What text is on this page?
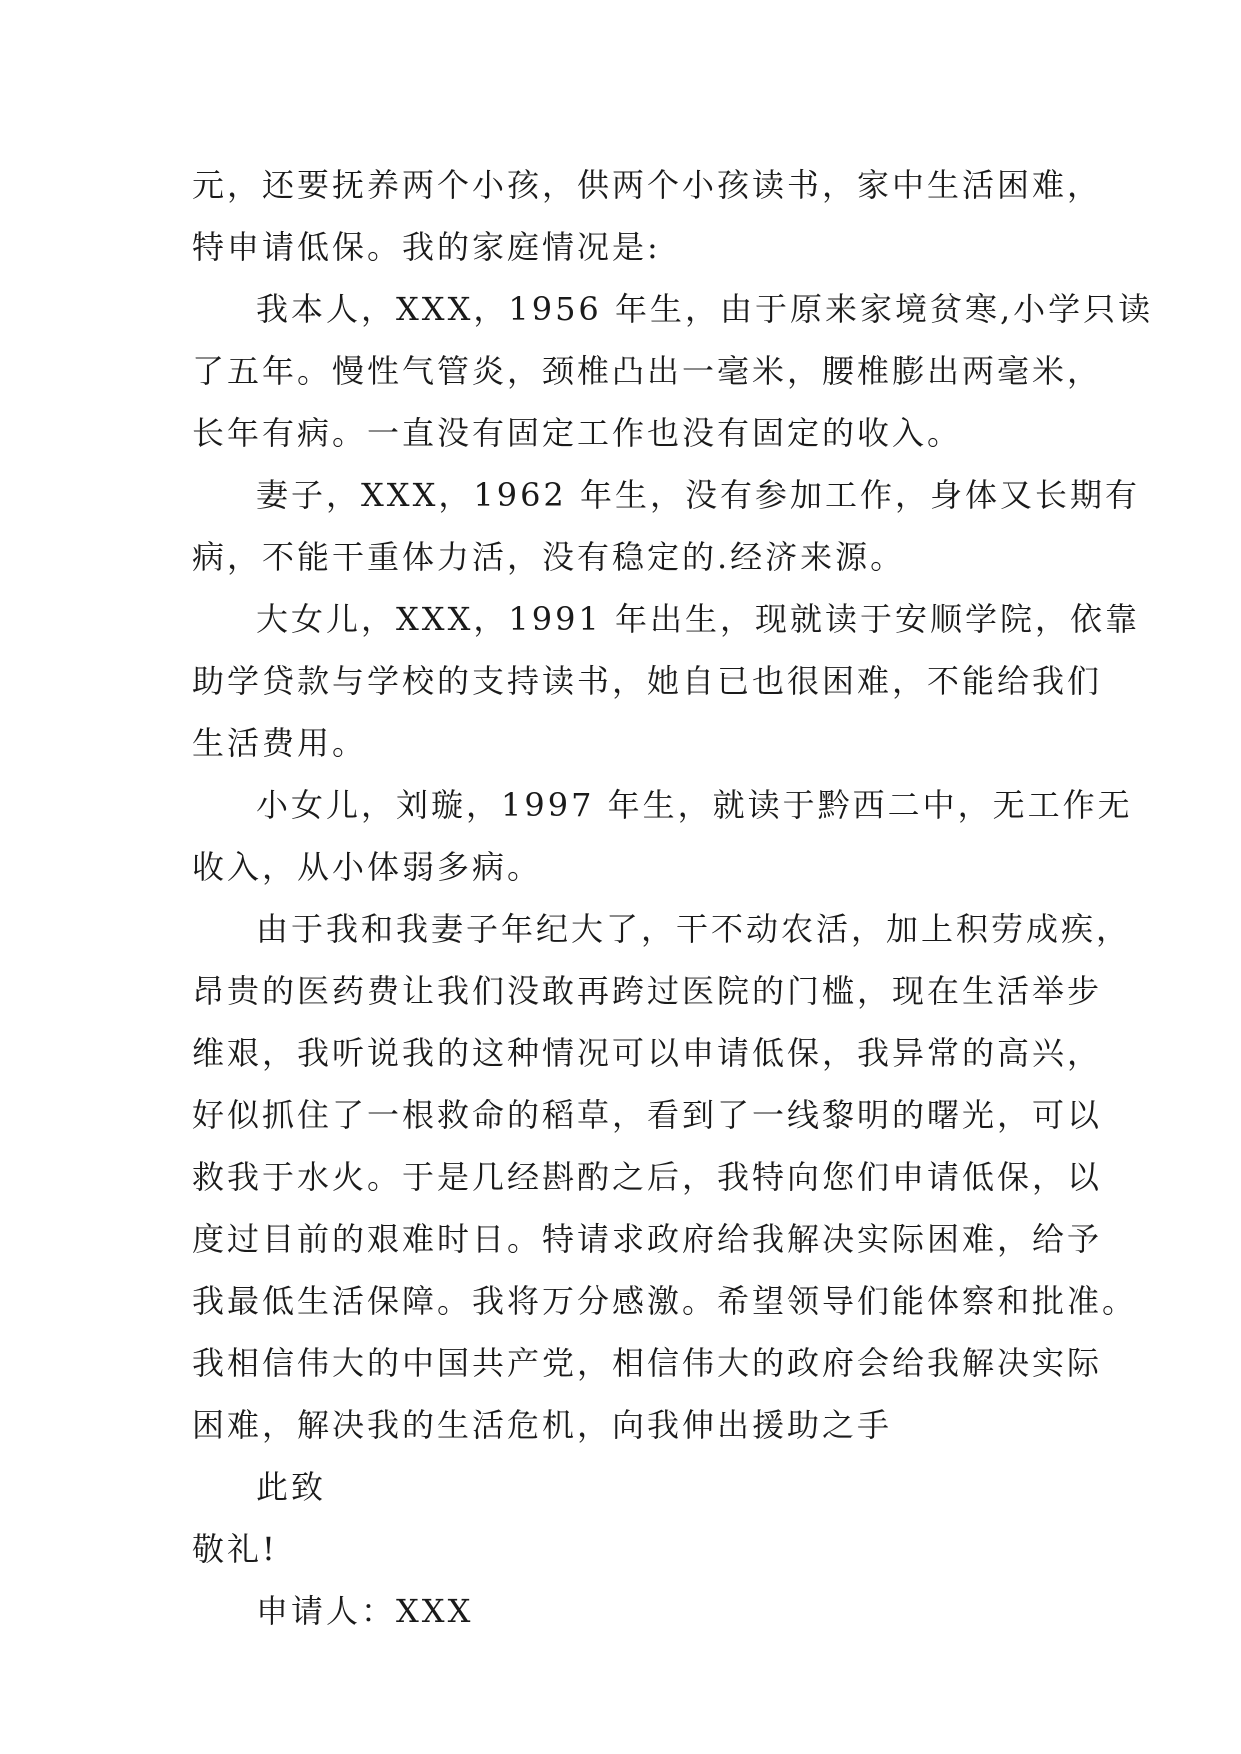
元，还要抚养两个小孩，供两个小孩读书，家中生活困难，
特申请低保。我的家庭情况是:
我本人，XXX，1956 年生，由于原来家境贫寒,小学只读
了五年。慢性气管炎，颈椎凸出一毫米，腰椎膨出两毫米，
长年有病。一直没有固定工作也没有固定的收入。
妻子，XXX，1962 年生，没有参加工作，身体又长期有
病，不能干重体力活，没有稳定的.经济来源。
大女儿，XXX，1991 年出生，现就读于安顺学院，依靠
助学贷款与学校的支持读书，她自已也很困难，不能给我们
生活费用。
小女儿，刘璇，1997 年生，就读于黔西二中，无工作无
收入，从小体弱多病。
由于我和我妻子年纪大了，干不动农活，加上积劳成疾，
昂贵的医药费让我们没敢再跨过医院的门槛，现在生活举步
维艰，我听说我的这种情况可以申请低保，我异常的高兴，
好似抓住了一根救命的稻草，看到了一线黎明的曙光，可以
救我于水火。于是几经斟酌之后，我特向您们申请低保，以
度过目前的艰难时日。特请求政府给我解决实际困难，给予
我最低生活保障。我将万分感激。希望领导们能体察和批准。
我相信伟大的中国共产党，相信伟大的政府会给我解决实际
困难，解决我的生活危机，向我伸出援助之手
此致
敬礼!
申请人：XXX
